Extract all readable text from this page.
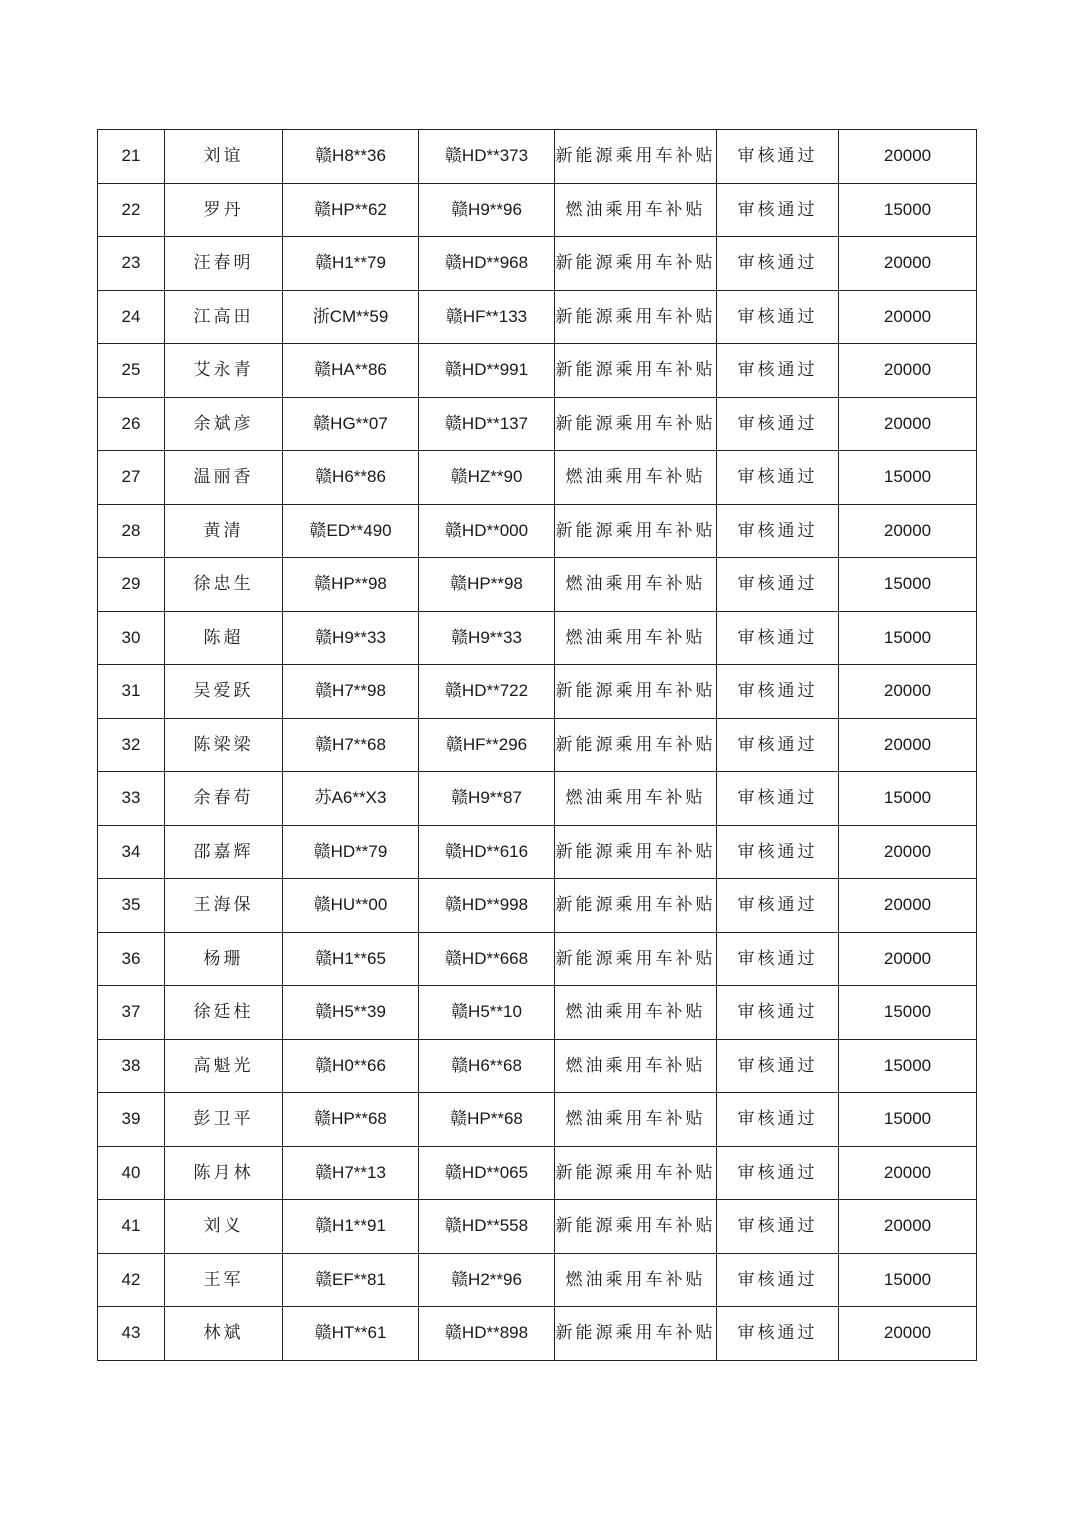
21	刘谊	赣H8**36	赣HD**373	新能源乘用车补贴	审核通过	20000
22	罗丹	赣HP**62	赣H9**96	燃油乘用车补贴	审核通过	15000
23	汪春明	赣H1**79	赣HD**968	新能源乘用车补贴	审核通过	20000
24	江高田	浙CM**59	赣HF**133	新能源乘用车补贴	审核通过	20000
25	艾永青	赣HA**86	赣HD**991	新能源乘用车补贴	审核通过	20000
26	余斌彦	赣HG**07	赣HD**137	新能源乘用车补贴	审核通过	20000
27	温丽香	赣H6**86	赣HZ**90	燃油乘用车补贴	审核通过	15000
28	黄清	赣ED**490	赣HD**000	新能源乘用车补贴	审核通过	20000
29	徐忠生	赣HP**98	赣HP**98	燃油乘用车补贴	审核通过	15000
30	陈超	赣H9**33	赣H9**33	燃油乘用车补贴	审核通过	15000
31	吴爱跃	赣H7**98	赣HD**722	新能源乘用车补贴	审核通过	20000
32	陈梁梁	赣H7**68	赣HF**296	新能源乘用车补贴	审核通过	20000
33	余春苟	苏A6**X3	赣H9**87	燃油乘用车补贴	审核通过	15000
34	邵嘉辉	赣HD**79	赣HD**616	新能源乘用车补贴	审核通过	20000
35	王海保	赣HU**00	赣HD**998	新能源乘用车补贴	审核通过	20000
36	杨珊	赣H1**65	赣HD**668	新能源乘用车补贴	审核通过	20000
37	徐廷柱	赣H5**39	赣H5**10	燃油乘用车补贴	审核通过	15000
38	高魁光	赣H0**66	赣H6**68	燃油乘用车补贴	审核通过	15000
39	彭卫平	赣HP**68	赣HP**68	燃油乘用车补贴	审核通过	15000
40	陈月林	赣H7**13	赣HD**065	新能源乘用车补贴	审核通过	20000
41	刘义	赣H1**91	赣HD**558	新能源乘用车补贴	审核通过	20000
42	王军	赣EF**81	赣H2**96	燃油乘用车补贴	审核通过	15000
43	林斌	赣HT**61	赣HD**898	新能源乘用车补贴	审核通过	20000
